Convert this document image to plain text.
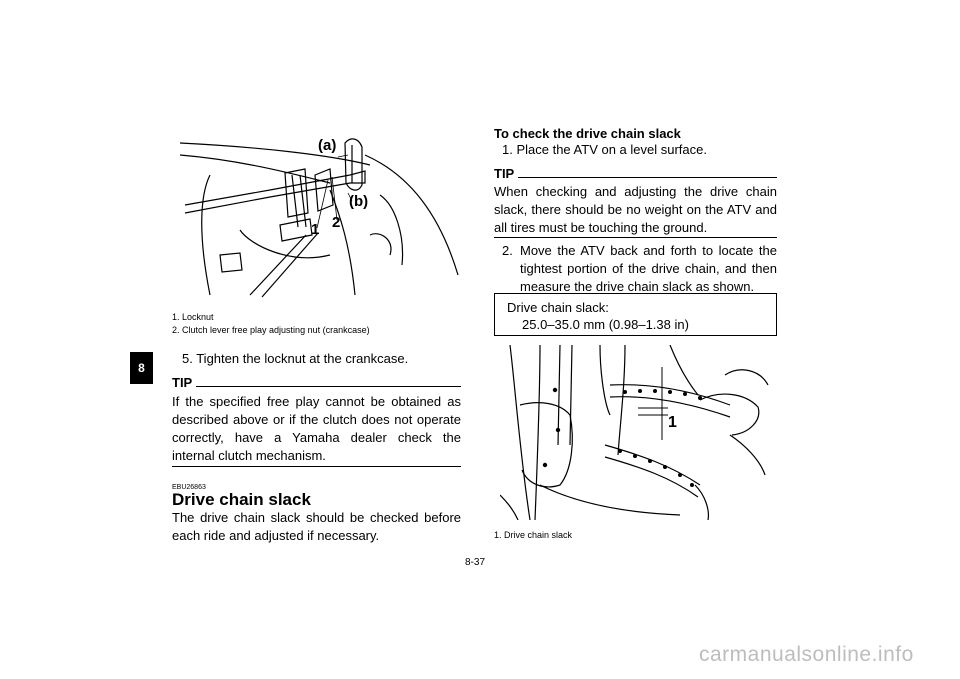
8
(a)
(b)
1 2
1. Locknut
2. Clutch lever free play adjusting nut (crankcase)
5. Tighten the locknut at the crankcase.
TIP
If the specified free play cannot be obtained as described above or if the clutch does not operate correctly, have a Yamaha dealer check the internal clutch mechanism.
EBU26863
Drive chain slack
The drive chain slack should be checked before each ride and adjusted if necessary.
To check the drive chain slack
1. Place the ATV on a level surface.
TIP
When checking and adjusting the drive chain slack, there should be no weight on the ATV and all tires must be touching the ground.
2. Move the ATV back and forth to locate the tightest portion of the drive chain, and then measure the drive chain slack as shown.
Drive chain slack:
25.0–35.0 mm (0.98–1.38 in)
1
1. Drive chain slack
8-37
carmanualsonline.info
